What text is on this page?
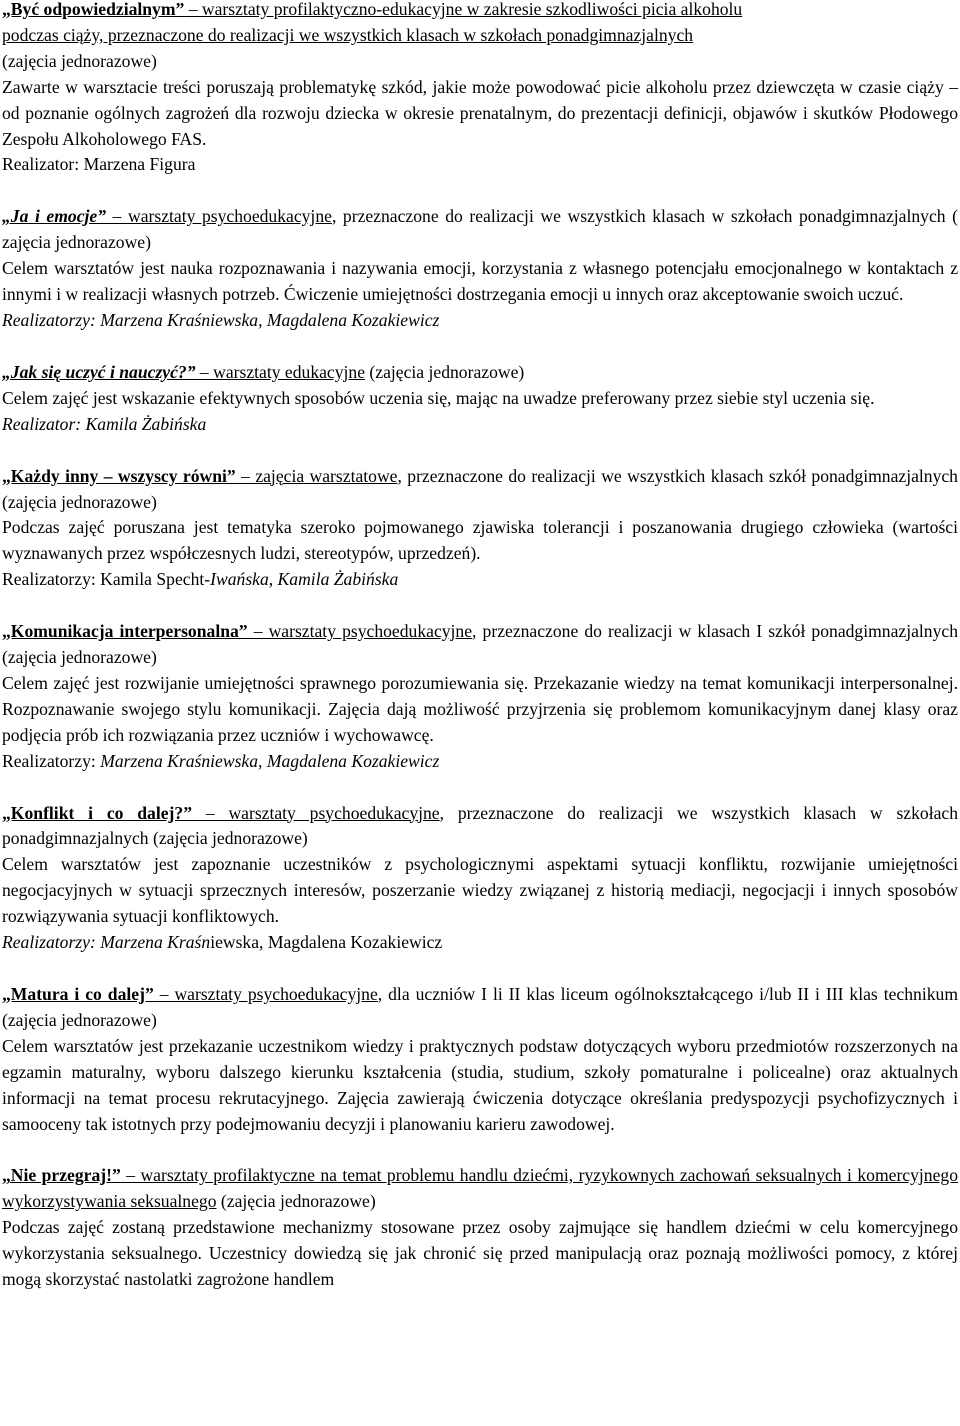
„Być odpowiedzialnym” – warsztaty profilaktyczno-edukacyjne w zakresie szkodliwości picia alkoholu
podczas ciąży, przeznaczone do realizacji we wszystkich klasach w szkołach ponadgimnazjalnych
(zajęcia jednorazowe)

Zawarte w warsztacie treści poruszają problematykę szkód, jakie może powodować picie alkoholu przez dziewczęta w czasie ciąży – od poznanie ogólnych zagrożeń dla rozwoju dziecka w okresie prenatalnym, do prezentacji definicji, objawów i skutków Płodowego Zespołu Alkoholowego FAS.

Realizator: Marzena Figura

„Ja i emocje” – warsztaty psychoedukacyjne, przeznaczone do realizacji we wszystkich klasach w szkołach ponadgimnazjalnych ( zajęcia jednorazowe)

Celem warsztatów jest nauka rozpoznawania i nazywania emocji, korzystania z własnego potencjału emocjonalnego w kontaktach z innymi i w realizacji własnych potrzeb. Ćwiczenie umiejętności dostrzegania emocji u innych oraz akceptowanie swoich uczuć.

Realizatorzy: Marzena Kraśniewska, Magdalena Kozakiewicz

„Jak się uczyć i nauczyć?” – warsztaty edukacyjne (zajęcia jednorazowe)

Celem zajęć jest wskazanie efektywnych sposobów uczenia się, mając na uwadze preferowany przez siebie styl uczenia się.

Realizator: Kamila Żabińska

„Każdy inny – wszyscy równi” – zajęcia warsztatowe, przeznaczone do realizacji we wszystkich klasach szkół ponadgimnazjalnych (zajęcia jednorazowe)

Podczas zajęć poruszana jest tematyka szeroko pojmowanego zjawiska tolerancji i poszanowania drugiego człowieka (wartości wyznawanych przez współczesnych ludzi, stereotypów, uprzedzeń).

Realizatorzy: Kamila Specht-Iwańska, Kamila Żabińska

„Komunikacja interpersonalna” – warsztaty psychoedukacyjne, przeznaczone do realizacji w klasach I szkół ponadgimnazjalnych (zajęcia jednorazowe)

Celem zajęć jest rozwijanie umiejętności sprawnego porozumiewania się. Przekazanie wiedzy na temat komunikacji interpersonalnej. Rozpoznawanie swojego stylu komunikacji. Zajęcia dają możliwość przyjrzenia się problemom komunikacyjnym danej klasy oraz podjęcia prób ich rozwiązania przez uczniów i wychowawcę.

Realizatorzy: Marzena Kraśniewska, Magdalena Kozakiewicz

„Konflikt i co dalej?” – warsztaty psychoedukacyjne, przeznaczone do realizacji we wszystkich klasach w szkołach ponadgimnazjalnych (zajęcia jednorazowe)

Celem warsztatów jest zapoznanie uczestników z psychologicznymi aspektami sytuacji konfliktu, rozwijanie umiejętności negocjacyjnych w sytuacji sprzecznych interesów, poszerzanie wiedzy związanej z historią mediacji, negocjacji i innych sposobów rozwiązywania sytuacji konfliktowych.

Realizatorzy: Marzena Kraśniewska, Magdalena Kozakiewicz

„Matura i co dalej” – warsztaty psychoedukacyjne, dla uczniów I li II klas liceum ogólnokształcącego i/lub II i III klas technikum (zajęcia jednorazowe)

Celem warsztatów jest przekazanie uczestnikom wiedzy i praktycznych podstaw dotyczących wyboru przedmiotów rozszerzonych na egzamin maturalny, wyboru dalszego kierunku kształcenia (studia, studium, szkoły pomaturalne i policealne) oraz aktualnych informacji na temat procesu rekrutacyjnego. Zajęcia zawierają ćwiczenia dotyczące określania predyspozycji psychofizycznych i samooceny tak istotnych przy podejmowaniu decyzji i planowaniu karieru zawodowej.

„Nie przegraj!” – warsztaty profilaktyczne na temat problemu handlu dziećmi, ryzykownych zachowań seksualnych i komercyjnego wykorzystywania seksualnego (zajęcia jednorazowe)

Podczas zajęć zostaną przedstawione mechanizmy stosowane przez osoby zajmujące się handlem dziećmi w celu komercyjnego wykorzystania seksualnego. Uczestnicy dowiedzą się jak chronić się przed manipulacją oraz poznają możliwości pomocy, z której mogą skorzystać nastolatki zagrożone handlem
